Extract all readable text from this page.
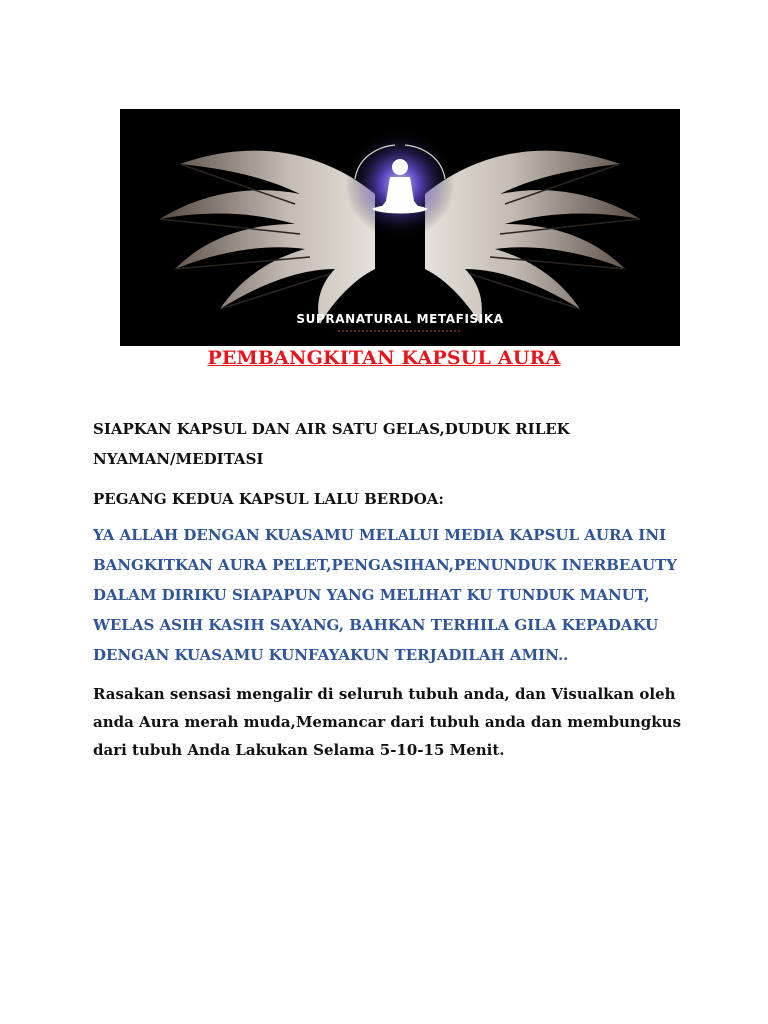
SUPRANATURAL METAFISIKA
PEMBANGKITAN KAPSUL AURA
SIAPKAN KAPSUL DAN AIR SATU GELAS,DUDUK RILEK
NYAMAN/MEDITASI
PEGANG KEDUA KAPSUL LALU BERDOA:
YA ALLAH DENGAN KUASAMU MELALUI MEDIA KAPSUL AURA INI
BANGKITKAN AURA PELET,PENGASIHAN,PENUNDUK INERBEAUTY
DALAM DIRIKU SIAPAPUN YANG MELIHAT KU TUNDUK MANUT,
WELAS ASIH KASIH SAYANG, BAHKAN TERHILA GILA KEPADAKU
DENGAN KUASAMU KUNFAYAKUN TERJADILAH AMIN..
Rasakan sensasi mengalir di seluruh tubuh anda, dan Visualkan oleh
anda Aura merah muda,Memancar dari tubuh anda dan membungkus
dari tubuh Anda Lakukan Selama 5-10-15 Menit.
